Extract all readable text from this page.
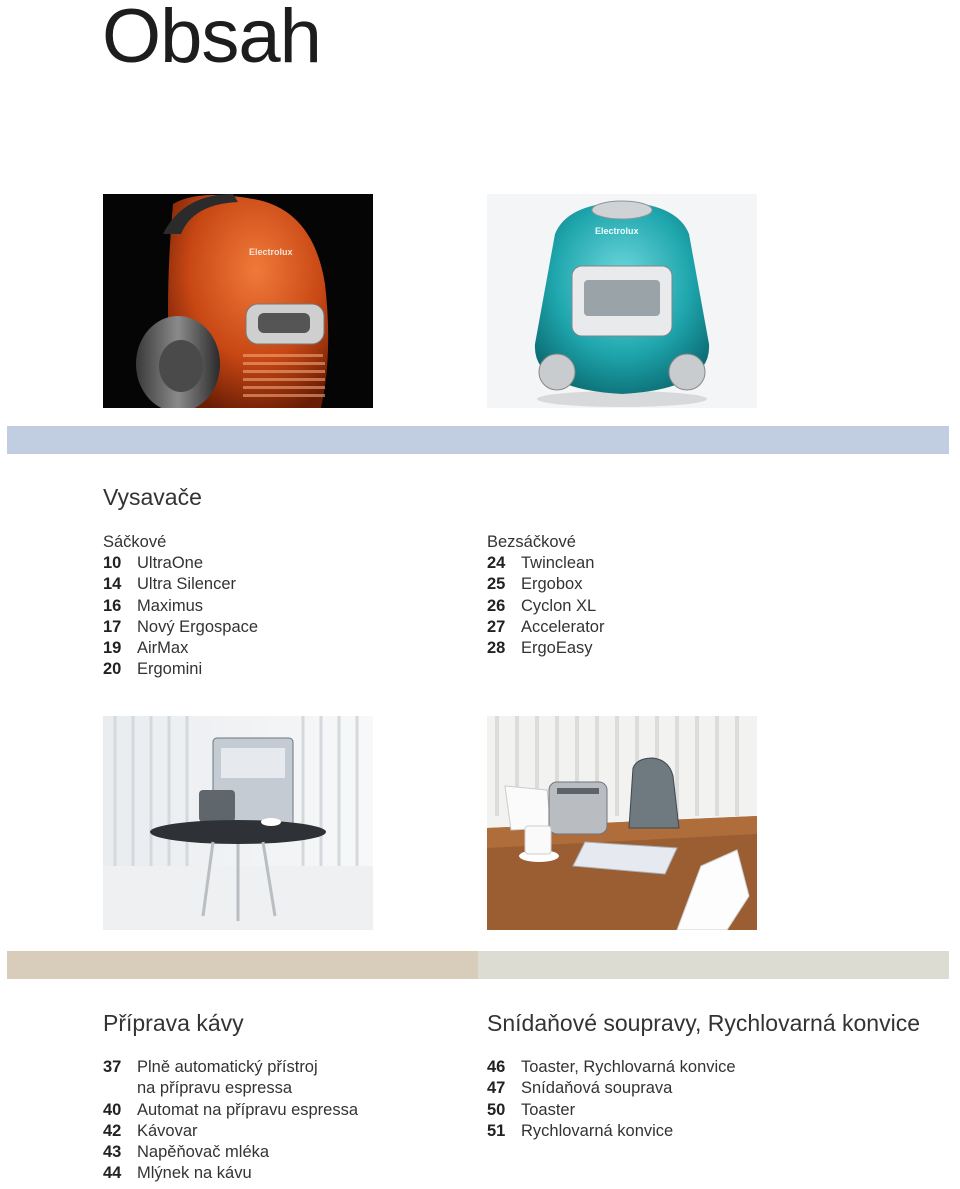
Obsah
Electrolux
Electrolux
Vysavače
Sáčkové
10 UltraOne
14 Ultra Silencer
16 Maximus
17 Nový Ergospace
19 AirMax
20 Ergomini
Bezsáčkové
24 Twinclean
25 Ergobox
26 Cyclon XL
27 Accelerator
28 ErgoEasy
Příprava kávy	Snídaňové soupravy, Rychlovarná konvice
37 Plně automatický přístroj
na přípravu espressa
40 Automat na přípravu espressa
42 Kávovar
43 Napěňovač mléka
44 Mlýnek na kávu
46 Toaster, Rychlovarná konvice
47 Snídaňová souprava
50 Toaster
51 Rychlovarná konvice
